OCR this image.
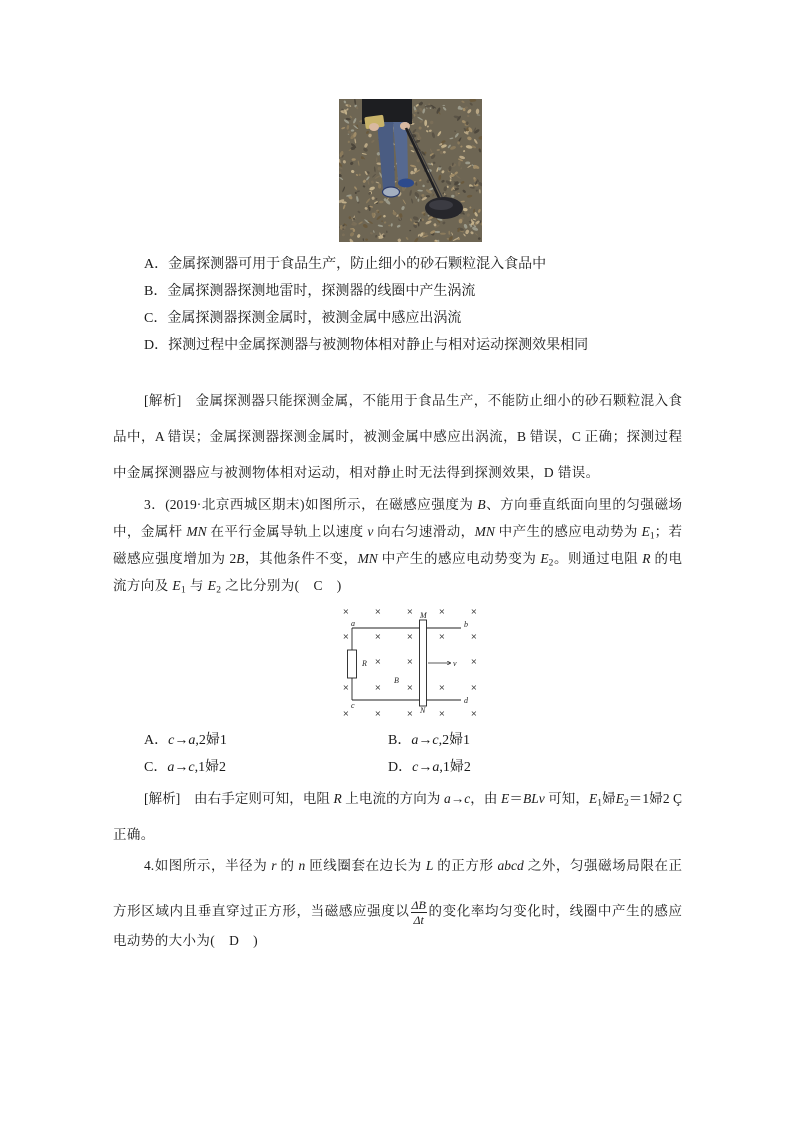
A．金属探测器可用于食品生产，防止细小的砂石颗粒混入食品中
B．金属探测器探测地雷时，探测器的线圈中产生涡流
C．金属探测器探测金属时，被测金属中感应出涡流
D．探测过程中金属探测器与被测物体相对静止与相对运动探测效果相同
[解析]　金属探测器只能探测金属，不能用于食品生产，不能防止细小的砂石颗粒混入食
品中，A 错误；金属探测器探测金属时，被测金属中感应出涡流，B 错误，C 正确；探测过程
中金属探测器应与被测物体相对运动，相对静止时无法得到探测效果，D 错误。
3．(2019·北京西城区期末)如图所示，在磁感应强度为 B、方向垂直纸面向里的匀强磁场
中，金属杆 MN 在平行金属导轨上以速度 v 向右匀速滑动，MN 中产生的感应电动势为 $E_1$；若
磁感应强度增加为 2B，其他条件不变，MN 中产生的感应电动势变为 $E_2$。则通过电阻 R 的电
流方向及 $E_1$ 与 $E_2$ 之比分别为(　C　)
×	×	×	×	×
×	×	×	×	×
×	×	×
×	×	×	×	×
×	×	×	×	×
a	b
c
d
M
N
R
B
v
A．c→a,2婦1	B．a→c,2婦1
C．a→c,1婦2	D．c→a,1婦2
[解析]　由右手定则可知，电阻 R 上电流的方向为 a→c，由 E＝BLv 可知，$E_1$婦$E_2=1$婦2 Ç
正确。
4.如图所示，半径为 r 的 n 匝线圈套在边长为 L 的正方形 abcd 之外，匀强磁场局限在正
方形区域内且垂直穿过正方形，当磁感应强度以 $\frac{\Delta B}{\Delta t}$ 的变化率均匀变化时，线圈中产生的感应
电动势的大小为(　D　)
